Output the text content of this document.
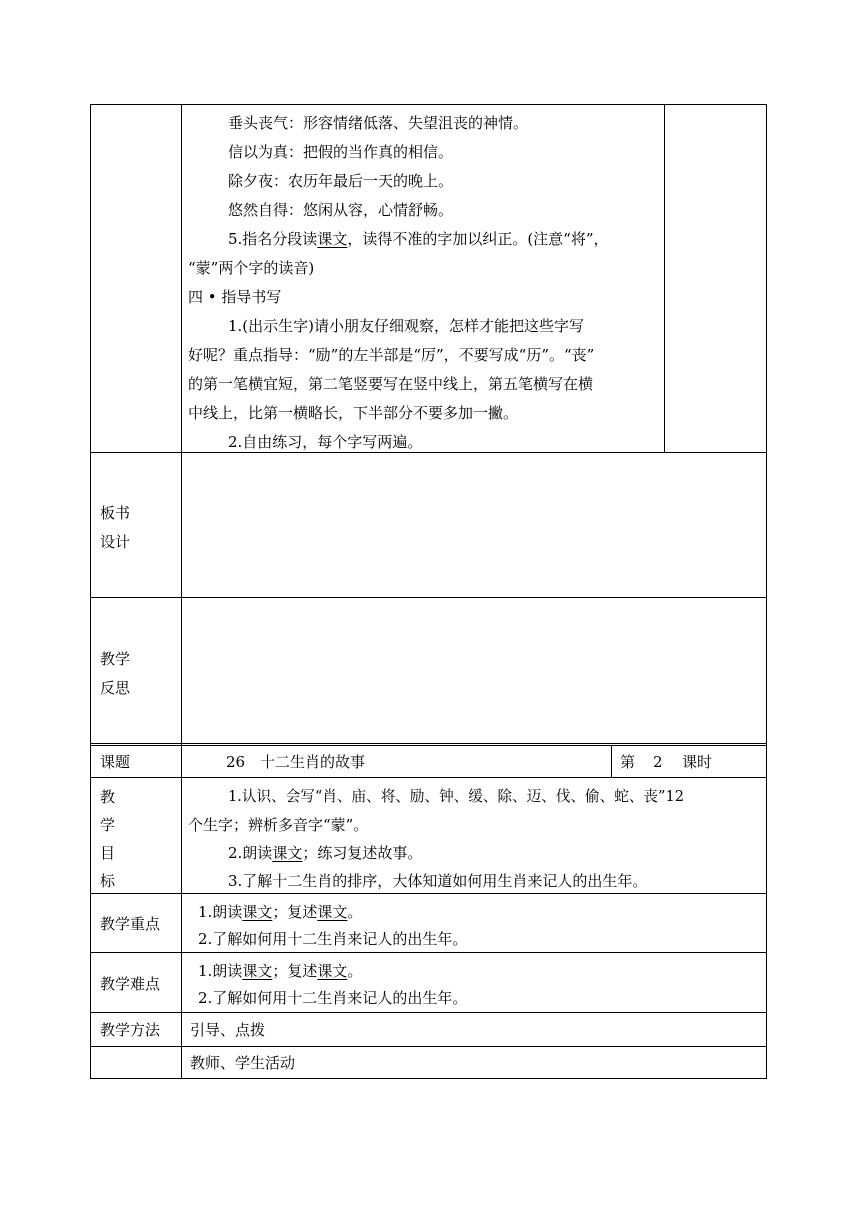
垂头丧气：形容情绪低落、失望沮丧的神情。
信以为真：把假的当作真的相信。
除夕夜：农历年最后一天的晚上。
悠然自得：悠闲从容，心情舒畅。
5.指名分段读课文，读得不准的字加以纠正。(注意“将”，
“蒙”两个字的读音)
四 • 指导书写
1.(出示生字)请小朋友仔细观察，怎样才能把这些字写
好呢？重点指导：“励”的左半部是“厉”，不要写成“历”。“丧”
的第一笔横宜短，第二笔竖要写在竖中线上，第五笔横写在横
中线上，比第一横略长，下半部分不要多加一撇。
2.自由练习，每个字写两遍。
板书
设计
教学
反思
课题	26 十二生肖的故事	第 2 课时
教
学
目
标
1.认识、会写“肖、庙、将、励、钟、缓、除、迈、伐、偷、蛇、丧”12
个生字；辨析多音字“蒙”。
2.朗读课文；练习复述故事。
3.了解十二生肖的排序，大体知道如何用生肖来记人的出生年。
教学重点
1.朗读课文；复述课文。
2.了解如何用十二生肖来记人的出生年。
教学难点
1.朗读课文；复述课文。
2.了解如何用十二生肖来记人的出生年。
教学方法 引导、点拨
教师、学生活动
